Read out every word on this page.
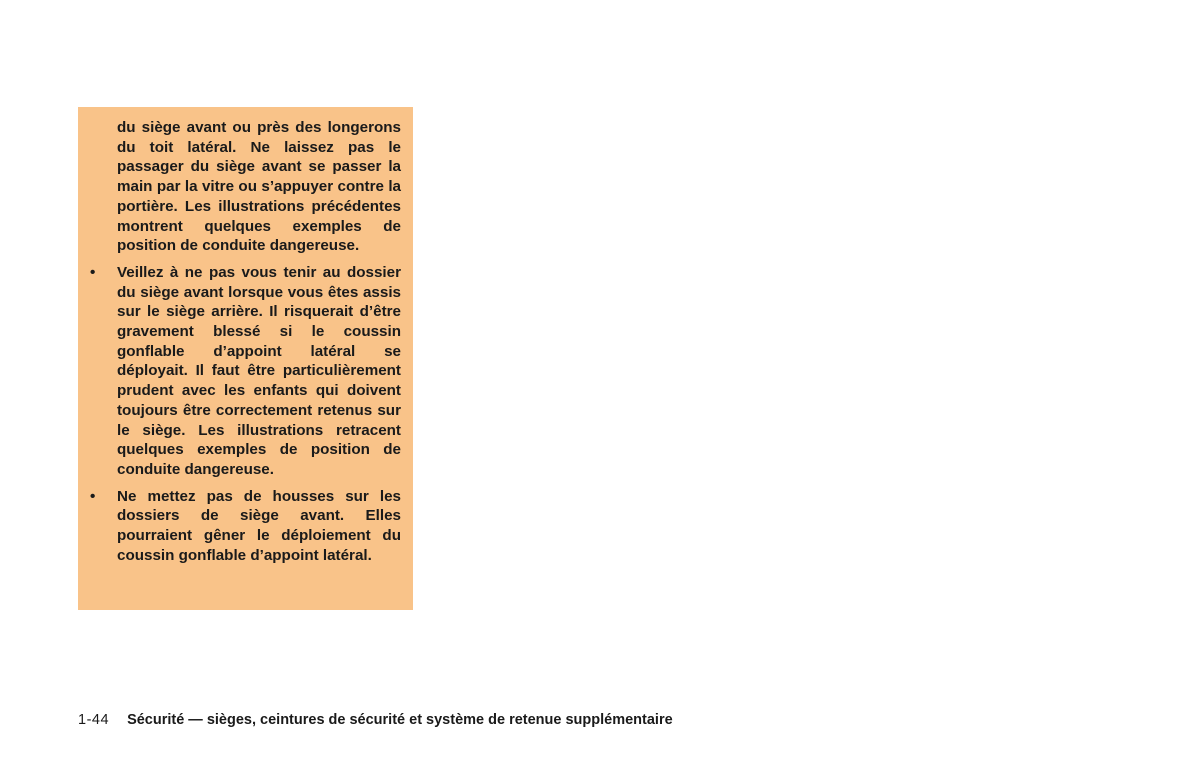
du siège avant ou près des longerons du toit latéral. Ne laissez pas le passager du siège avant se passer la main par la vitre ou s’appuyer contre la portière. Les illustrations précédentes montrent quelques exemples de position de conduite dangereuse.

• Veillez à ne pas vous tenir au dossier du siège avant lorsque vous êtes assis sur le siège arrière. Il risquerait d’être gravement blessé si le coussin gonflable d’appoint latéral se déployait. Il faut être particulièrement prudent avec les enfants qui doivent toujours être correctement retenus sur le siège. Les illustrations retracent quelques exemples de position de conduite dangereuse.

• Ne mettez pas de housses sur les dossiers de siège avant. Elles pourraient gêner le déploiement du coussin gonflable d’appoint latéral.

1-44 Sécurité — sièges, ceintures de sécurité et système de retenue supplémentaire
